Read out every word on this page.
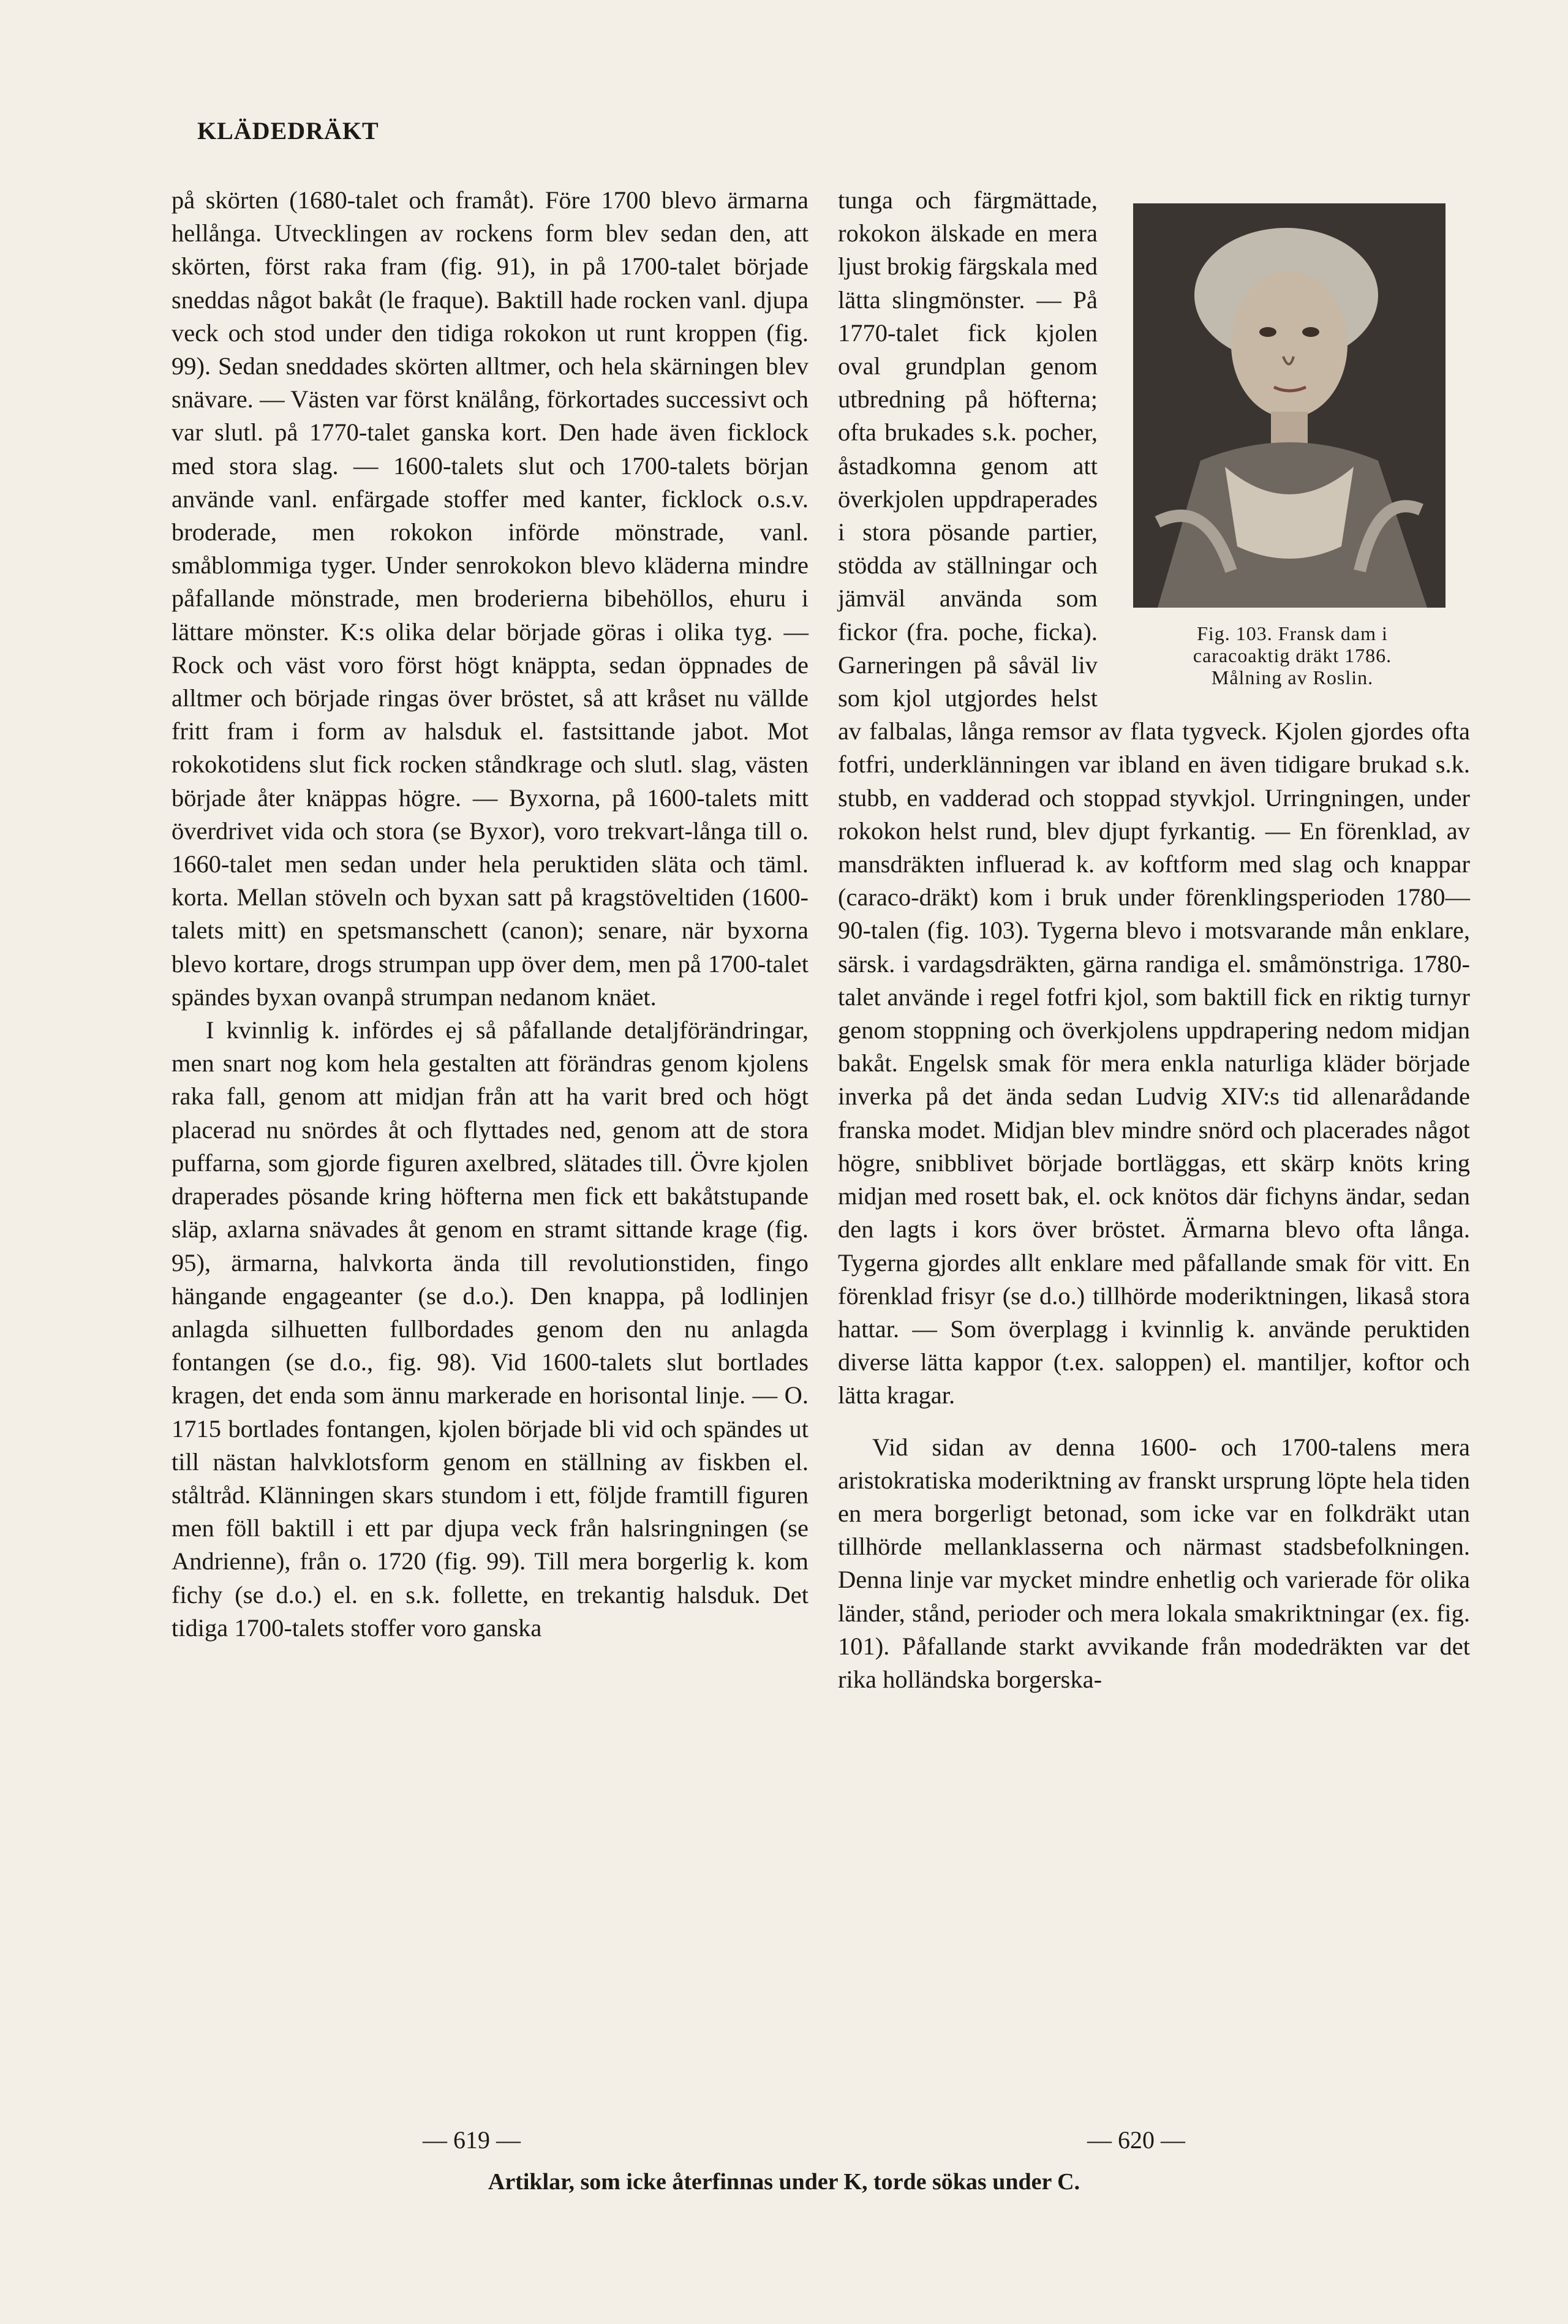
KLÄDEDRÄKT

på skörten (1680-talet och framåt). Före 1700 blevo ärmarna hellånga. Utvecklingen av rockens form blev sedan den, att skörten, först raka fram (fig. 91), in på 1700-talet började sneddas något bakåt (le fraque). Baktill hade rocken vanl. djupa veck och stod under den tidiga rokokon ut runt kroppen (fig. 99). Sedan sneddades skörten alltmer, och hela skärningen blev snävare. — Västen var först knälång, förkortades successivt och var slutl. på 1770-talet ganska kort. Den hade även ficklock med stora slag. — 1600-talets slut och 1700-talets början använde vanl. enfärgade stoffer med kanter, ficklock o.s.v. broderade, men rokokon införde mönstrade, vanl. småblommiga tyger. Under senrokokon blevo kläderna mindre påfallande mönstrade, men broderierna bibehöllos, ehuru i lättare mönster. K:s olika delar började göras i olika tyg. — Rock och väst voro först högt knäppta, sedan öppnades de alltmer och började ringas över bröstet, så att kråset nu vällde fritt fram i form av halsduk el. fastsittande jabot. Mot rokokotidens slut fick rocken ståndkrage och slutl. slag, västen började åter knäppas högre. — Byxorna, på 1600-talets mitt överdrivet vida och stora (se Byxor), voro trekvart-långa till o. 1660-talet men sedan under hela peruktiden släta och täml. korta. Mellan stöveln och byxan satt på kragstöveltiden (1600-talets mitt) en spetsmanschett (canon); senare, när byxorna blevo kortare, drogs strumpan upp över dem, men på 1700-talet spändes byxan ovanpå strumpan nedanom knäet.

I kvinnlig k. infördes ej så påfallande detaljförändringar, men snart nog kom hela gestalten att förändras genom kjolens raka fall, genom att midjan från att ha varit bred och högt placerad nu snördes åt och flyttades ned, genom att de stora puffarna, som gjorde figuren axelbred, slätades till. Övre kjolen draperades pösande kring höfterna men fick ett bakåtstupande släp, axlarna snävades åt genom en stramt sittande krage (fig. 95), ärmarna, halvkorta ända till revolutionstiden, fingo hängande engageanter (se d.o.). Den knappa, på lodlinjen anlagda silhuetten fullbordades genom den nu anlagda fontangen (se d.o., fig. 98). Vid 1600-talets slut bortlades kragen, det enda som ännu markerade en horisontal linje. — O. 1715 bortlades fontangen, kjolen började bli vid och spändes ut till nästan halvklotsform genom en ställning av fiskben el. ståltråd. Klänningen skars stundom i ett, följde framtill figuren men föll baktill i ett par djupa veck från halsringningen (se Andrienne), från o. 1720 (fig. 99). Till mera borgerlig k. kom fichy (se d.o.) el. en s.k. follette, en trekantig halsduk. Det tidiga 1700-talets stoffer voro ganska

Fig. 103. Fransk dam i
caracoaktig dräkt 1786.
Målning av Roslin.

tunga och färgmättade, rokokon älskade en mera ljust brokig färgskala med lätta slingmönster. — På 1770-talet fick kjolen oval grundplan genom utbredning på höfterna; ofta brukades s.k. pocher, åstadkomna genom att överkjolen uppdraperades i stora pösande partier, stödda av ställningar och jämväl användа som fickor (fra. poche, ficka). Garneringen på såväl liv som kjol utgjordes helst av falbalas, långa remsor av flata tygveck. Kjolen gjordes ofta fotfri, underklänningen var ibland en även tidigare brukad s.k. stubb, en vadderad och stoppad styvkjol. Urringningen, under rokokon helst rund, blev djupt fyrkantig. — En förenklad, av mansdräkten influerad k. av koftform med slag och knappar (caraco-dräkt) kom i bruk under förenklingsperioden 1780—90-talen (fig. 103). Tygerna blevo i motsvarande mån enklare, särsk. i vardagsdräkten, gärna randiga el. småmönstriga. 1780-talet använde i regel fotfri kjol, som baktill fick en riktig turnyr genom stoppning och överkjolens uppdrapering nedom midjan bakåt. Engelsk smak för mera enkla naturliga kläder började inverka på det ända sedan Ludvig XIV:s tid allenarådande franska modet. Midjan blev mindre snörd och placerades något högre, snibblivet började bortläggas, ett skärp knöts kring midjan med rosett bak, el. ock knötos där fichyns ändar, sedan den lagts i kors över bröstet. Ärmarna blevo ofta långa. Tygerna gjordes allt enklare med påfallande smak för vitt. En förenklad frisyr (se d.o.) tillhörde moderiktningen, likaså stora hattar. — Som överplagg i kvinnlig k. använde peruktiden diverse lätta kappor (t.ex. saloppen) el. mantiljer, koftor och lätta kragar.

Vid sidan av denna 1600- och 1700-talens mera aristokratiska moderiktning av franskt ursprung löpte hela tiden en mera borgerligt betonad, som icke var en folkdräkt utan tillhörde mellanklasserna och närmast stadsbefolkningen. Denna linje var mycket mindre enhetlig och varierade för olika länder, stånd, perioder och mera lokala smakriktningar (ex. fig. 101). Påfallande starkt avvikande från modedräkten var det rika holländska borgerska-

— 619 —	— 620 —
Artiklar, som icke återfinnas under K, torde sökas under C.
